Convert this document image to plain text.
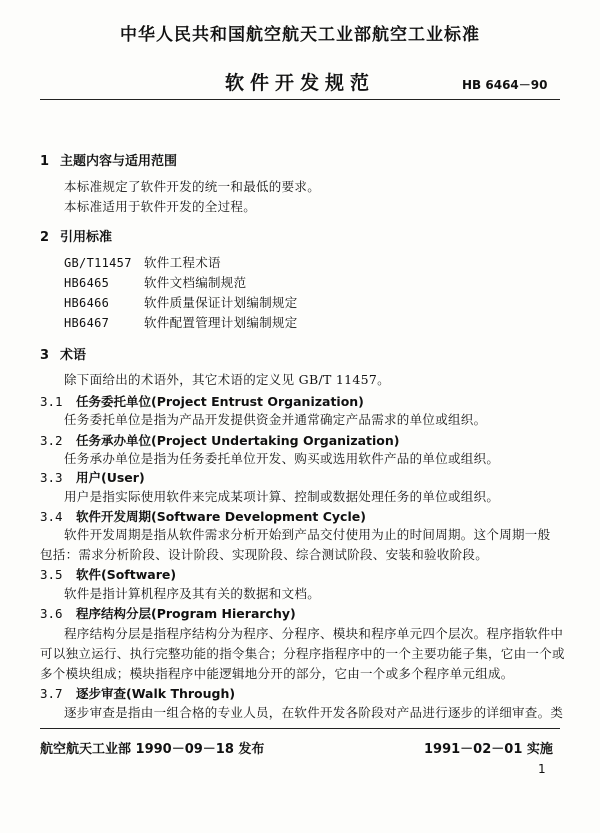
中华人民共和国航空航天工业部航空工业标准
软件开发规范	HB 6464－90
1 主题内容与适用范围
本标准规定了软件开发的统一和最低的要求。
本标准适用于软件开发的全过程。
2 引用标准
GB/T11457 软件工程术语
HB6465	软件文档编制规范
HB6466	软件质量保证计划编制规定
HB6467	软件配置管理计划编制规定
3 术语
除下面给出的术语外，其它术语的定义见 GB/T 11457。
3.1 任务委托单位(Project Entrust Organization)
任务委托单位是指为产品开发提供资金并通常确定产品需求的单位或组织。
3.2 任务承办单位(Project Undertaking Organization)
任务承办单位是指为任务委托单位开发、购买或选用软件产品的单位或组织。
3.3 用户(User)
用户是指实际使用软件来完成某项计算、控制或数据处理任务的单位或组织。
3.4 软件开发周期(Software Development Cycle)
软件开发周期是指从软件需求分析开始到产品交付使用为止的时间周期。这个周期一般
包括：需求分析阶段、设计阶段、实现阶段、综合测试阶段、安装和验收阶段。
3.5 软件(Software)
软件是指计算机程序及其有关的数据和文档。
3.6 程序结构分层(Program Hierarchy)
程序结构分层是指程序结构分为程序、分程序、模块和程序单元四个层次。程序指软件中
可以独立运行、执行完整功能的指令集合；分程序指程序中的一个主要功能子集，它由一个或
多个模块组成；模块指程序中能逻辑地分开的部分，它由一个或多个程序单元组成。
3.7 逐步审查(Walk Through)
逐步审查是指由一组合格的专业人员，在软件开发各阶段对产品进行逐步的详细审查。类
航空航天工业部 1990－09－18 发布	1991－02－01 实施
1
